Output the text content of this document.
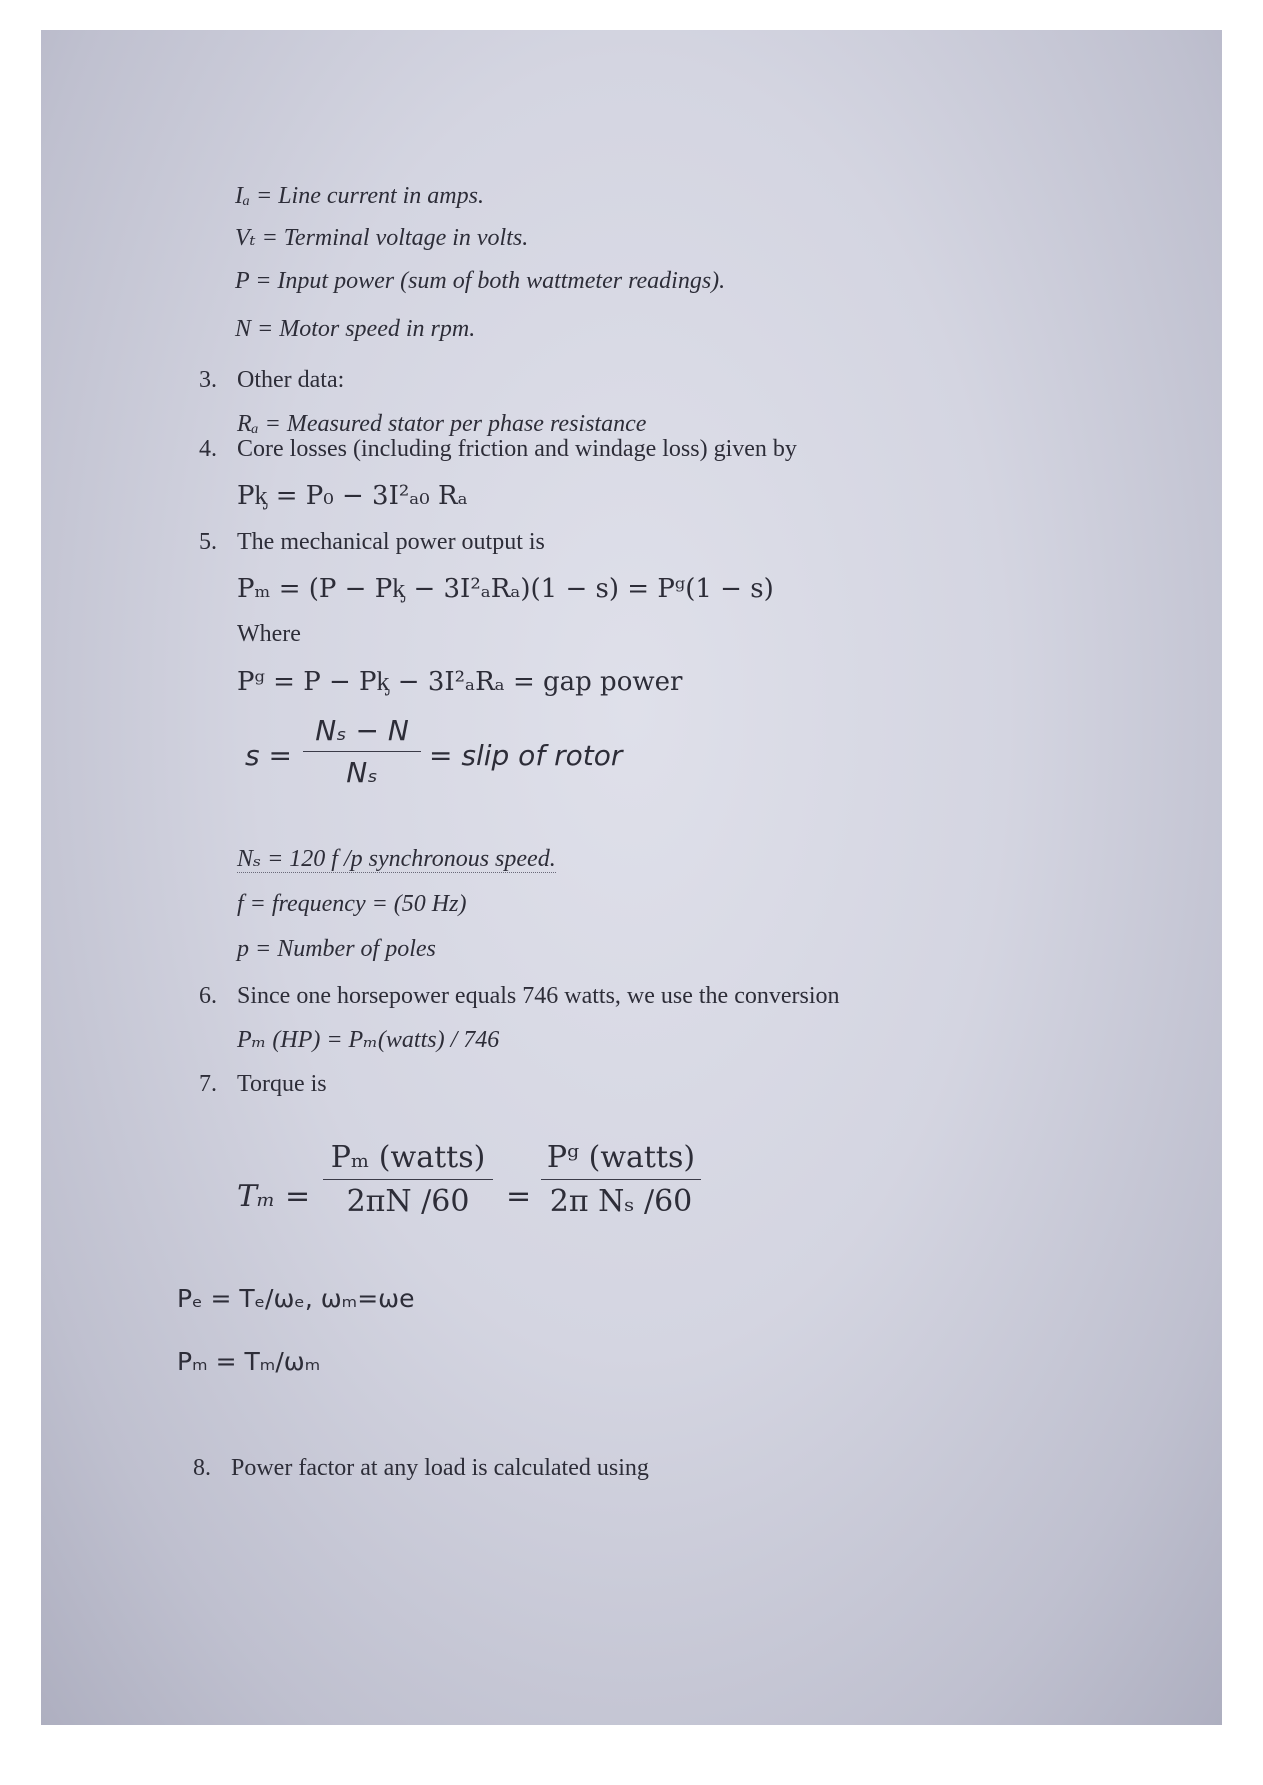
Iₐ = Line current in amps.
Vₜ = Terminal voltage in volts.
P = Input power (sum of both wattmeter readings).
N = Motor speed in rpm.
3. Other data:
Rₐ = Measured stator per phase resistance
4. Core losses (including friction and windage loss) given by
Pᶄ = P₀ − 3I²ₐ₀ Rₐ
5. The mechanical power output is
Pₘ = (P − Pᶄ − 3I²ₐRₐ)(1 − s) = Pᵍ(1 − s)
Where
Pᵍ = P − Pᶄ − 3I²ₐRₐ = gap power
s =
Nₛ − N
Nₛ
= slip of rotor
Nₛ = 120 f /p synchronous speed.
f = frequency = (50 Hz)
p = Number of poles
6. Since one horsepower equals 746 watts, we use the conversion
Pₘ (HP) = Pₘ(watts) / 746
7. Torque is
Tₘ =
Pₘ (watts)
2πN /60	=
Pᵍ (watts)
2π Nₛ /60
Pₑ = Tₑ/ωₑ, ωₘ=ωe
Pₘ = Tₘ/ωₘ
8. Power factor at any load is calculated using
